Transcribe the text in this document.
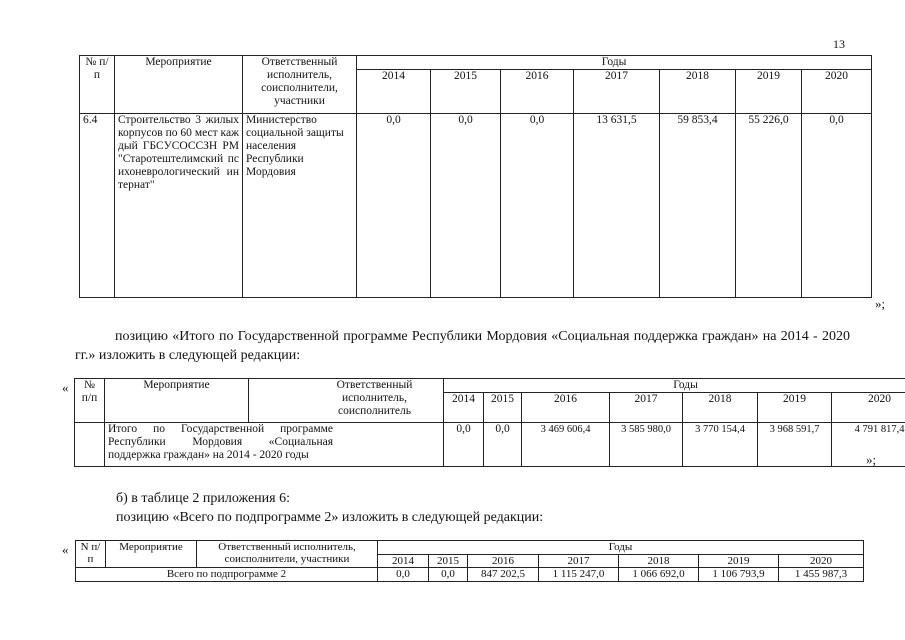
13
№ п/п	Мероприятие	Ответственный исполнитель, соисполнители, участники	Годы						
			2014	2015	2016	2017	2018	2019	2020
6.4	Строительство 3 жилых корпусов по 60 мест каждый ГБСУСОССЗН РМ "Старотештелимский психоневрологический интернат"	Министерство социальной защиты населения Республики Мордовия	0,0	0,0	0,0	13 631,5	59 853,4	55 226,0	0,0
»;
позицию «Итого по Государственной программе Республики Мордовия «Социальная поддержка граждан» на 2014 - 2020 гг.» изложить в следующей редакции:
« № п/п	Мероприятие	Ответственный исполнитель, соисполнитель	Годы						
			2014	2015	2016	2017	2018	2019	2020
	Итого по Государственной программе Республики Мордовия «Социальная поддержка граждан» на 2014 - 2020 годы		0,0	0,0	3 469 606,4	3 585 980,0	3 770 154,4	3 968 591,7	4 791 817,4
»;
б) в таблице 2 приложения 6:
позицию «Всего по подпрограмме 2» изложить в следующей редакции:
« N п/п	Мероприятие	Ответственный исполнитель, соисполнители, участники	Годы						
			2014	2015	2016	2017	2018	2019	2020
Всего по подпрограмме 2			0,0	0,0	847 202,5	1 115 247,0	1 066 692,0	1 106 793,9	1 455 987,3
